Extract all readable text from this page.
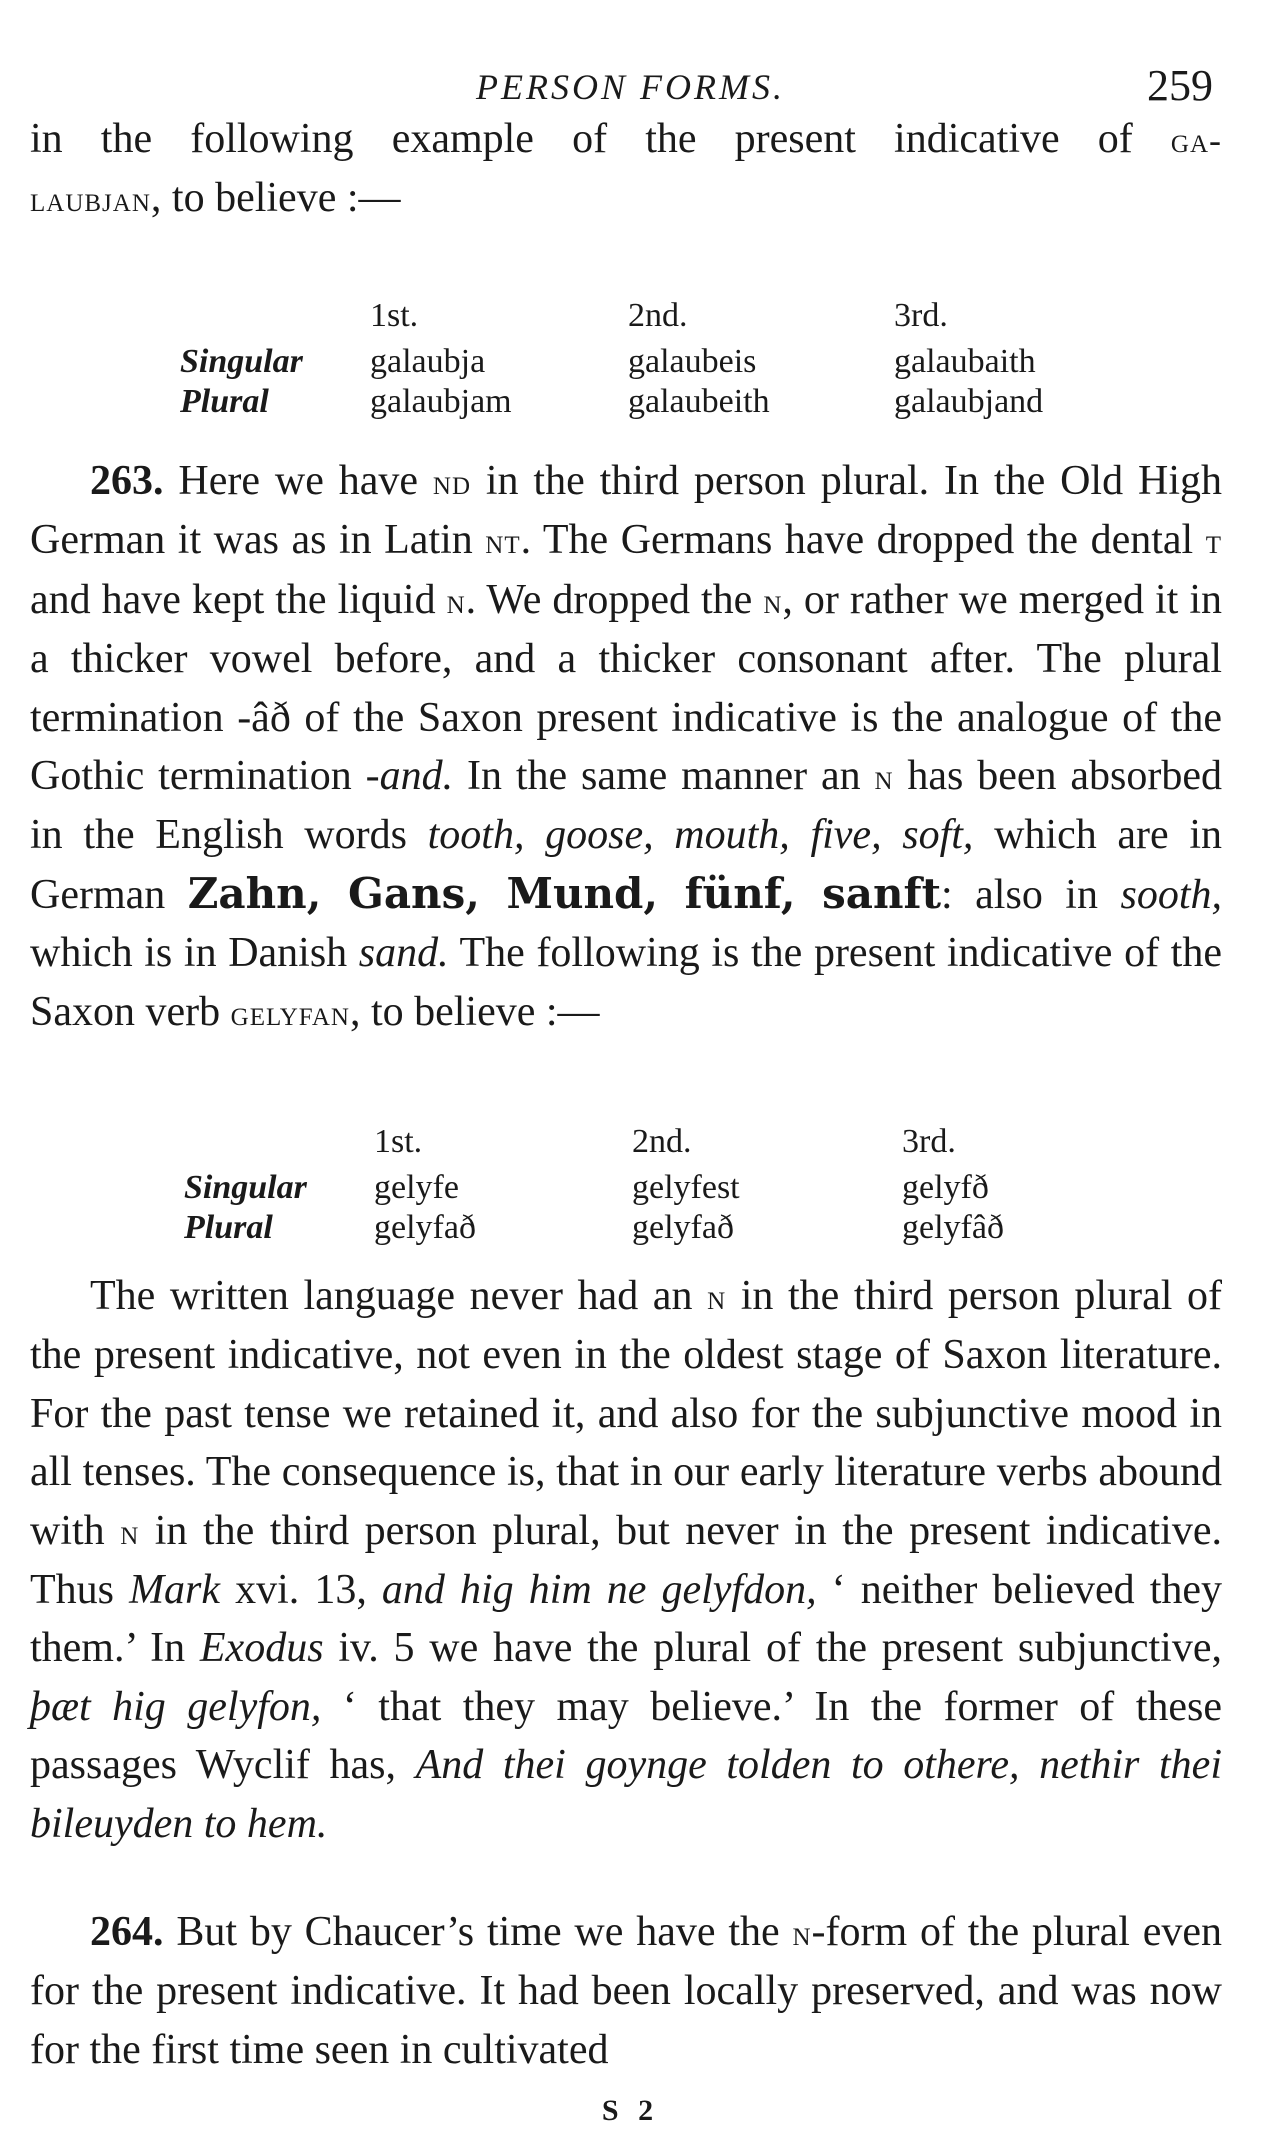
PERSON FORMS.	259

in the following example of the present indicative of ga-

laubjan, to believe :—

	1st.	2nd.	3rd.
Singular	galaubja	galaubeis	galaubaith
Plural	galaubjam	galaubeith	galaubjand

263. Here we have nd in the third person plural. In the Old High German it was as in Latin nt. The Germans have dropped the dental t and have kept the liquid n. We dropped the n, or rather we merged it in a thicker vowel before, and a thicker consonant after. The plural termination -âð of the Saxon present indicative is the analogue of the Gothic termination -and. In the same manner an n has been absorbed in the English words tooth, goose, mouth, five, soft, which are in German Zahn, Gans, Mund, fünf, sanft: also in sooth, which is in Danish sand. The following is the present indicative of the Saxon verb gelyfan, to believe :—

	1st.	2nd.	3rd.
Singular	gelyfe	gelyfest	gelyfð
Plural	gelyfað	gelyfað	gelyfâð

The written language never had an n in the third person plural of the present indicative, not even in the oldest stage of Saxon literature. For the past tense we retained it, and also for the subjunctive mood in all tenses. The consequence is, that in our early literature verbs abound with n in the third person plural, but never in the present indicative. Thus Mark xvi. 13, and hig him ne gelyfdon, ‘ neither believed they them.’ In Exodus iv. 5 we have the plural of the present subjunctive, þæt hig gelyfon, ‘ that they may believe.’ In the former of these passages Wyclif has, And thei goynge tolden to othere, nethir thei bileuyden to hem.

264. But by Chaucer’s time we have the n-form of the plural even for the present indicative. It had been locally preserved, and was now for the first time seen in cultivated

S 2
